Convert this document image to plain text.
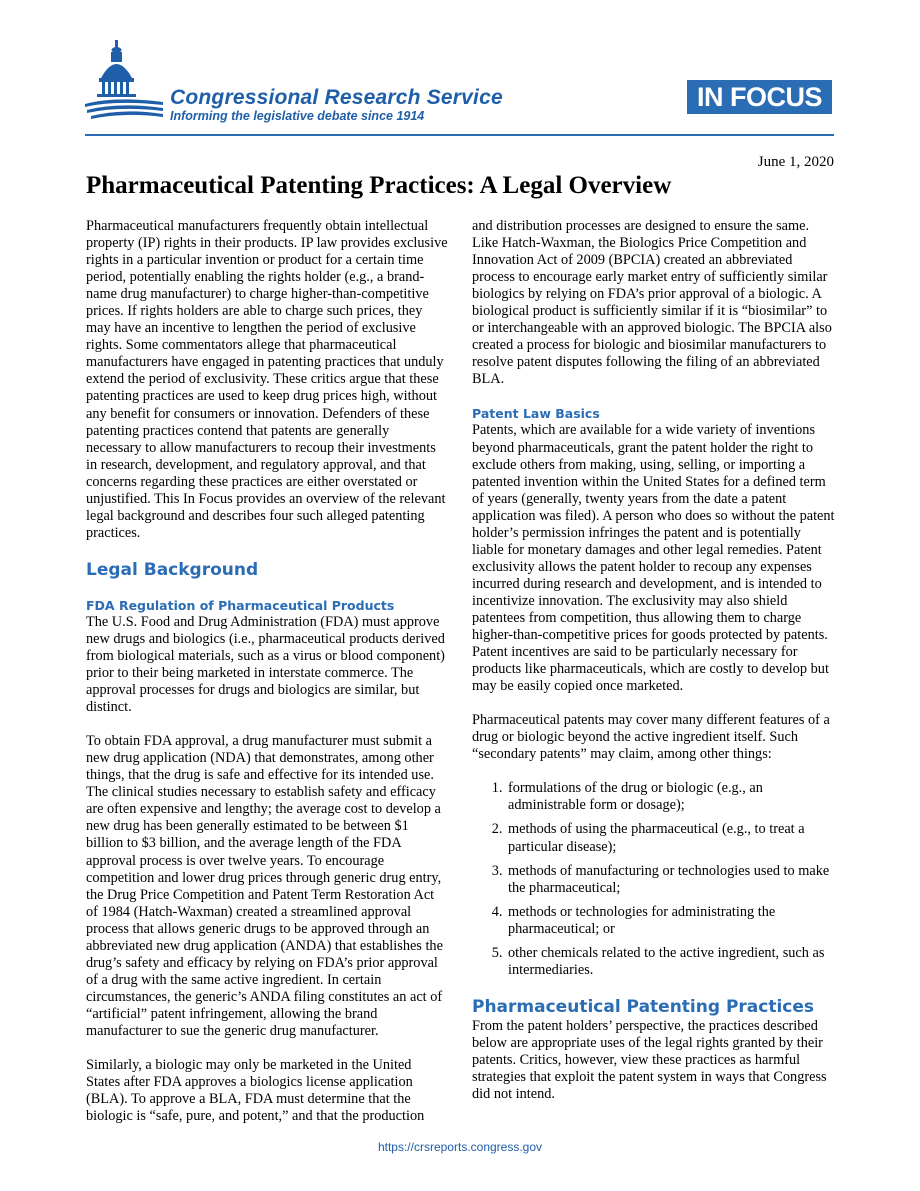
Congressional Research Service
Informing the legislative debate since 1914
IN FOCUS
June 1, 2020
Pharmaceutical Patenting Practices: A Legal Overview

Pharmaceutical manufacturers frequently obtain intellectual property (IP) rights in their products. IP law provides exclusive rights in a particular invention or product for a certain time period, potentially enabling the rights holder (e.g., a brand-name drug manufacturer) to charge higher-than-competitive prices. If rights holders are able to charge such prices, they may have an incentive to lengthen the period of exclusive rights. Some commentators allege that pharmaceutical manufacturers have engaged in patenting practices that unduly extend the period of exclusivity. These critics argue that these patenting practices are used to keep drug prices high, without any benefit for consumers or innovation. Defenders of these patenting practices contend that patents are generally necessary to allow manufacturers to recoup their investments in research, development, and regulatory approval, and that concerns regarding these practices are either overstated or unjustified. This In Focus provides an overview of the relevant legal background and describes four such alleged patenting practices.

Legal Background
FDA Regulation of Pharmaceutical Products

The U.S. Food and Drug Administration (FDA) must approve new drugs and biologics (i.e., pharmaceutical products derived from biological materials, such as a virus or blood component) prior to their being marketed in interstate commerce. The approval processes for drugs and biologics are similar, but distinct.

To obtain FDA approval, a drug manufacturer must submit a new drug application (NDA) that demonstrates, among other things, that the drug is safe and effective for its intended use. The clinical studies necessary to establish safety and efficacy are often expensive and lengthy; the average cost to develop a new drug has been generally estimated to be between $1 billion to $3 billion, and the average length of the FDA approval process is over twelve years. To encourage competition and lower drug prices through generic drug entry, the Drug Price Competition and Patent Term Restoration Act of 1984 (Hatch-Waxman) created a streamlined approval process that allows generic drugs to be approved through an abbreviated new drug application (ANDA) that establishes the drug’s safety and efficacy by relying on FDA’s prior approval of a drug with the same active ingredient. In certain circumstances, the generic’s ANDA filing constitutes an act of “artificial” patent infringement, allowing the brand manufacturer to sue the generic drug manufacturer.

Similarly, a biologic may only be marketed in the United States after FDA approves a biologics license application (BLA). To approve a BLA, FDA must determine that the biologic is “safe, pure, and potent,” and that the production

and distribution processes are designed to ensure the same. Like Hatch-Waxman, the Biologics Price Competition and Innovation Act of 2009 (BPCIA) created an abbreviated process to encourage early market entry of sufficiently similar biologics by relying on FDA’s prior approval of a biologic. A biological product is sufficiently similar if it is “biosimilar” to or interchangeable with an approved biologic. The BPCIA also created a process for biologic and biosimilar manufacturers to resolve patent disputes following the filing of an abbreviated BLA.

Patent Law Basics

Patents, which are available for a wide variety of inventions beyond pharmaceuticals, grant the patent holder the right to exclude others from making, using, selling, or importing a patented invention within the United States for a defined term of years (generally, twenty years from the date a patent application was filed). A person who does so without the patent holder’s permission infringes the patent and is potentially liable for monetary damages and other legal remedies. Patent exclusivity allows the patent holder to recoup any expenses incurred during research and development, and is intended to incentivize innovation. The exclusivity may also shield patentees from competition, thus allowing them to charge higher-than-competitive prices for goods protected by patents. Patent incentives are said to be particularly necessary for products like pharmaceuticals, which are costly to develop but may be easily copied once marketed.

Pharmaceutical patents may cover many different features of a drug or biologic beyond the active ingredient itself. Such “secondary patents” may claim, among other things:

1. formulations of the drug or biologic (e.g., an administrable form or dosage);
2. methods of using the pharmaceutical (e.g., to treat a particular disease);
3. methods of manufacturing or technologies used to make the pharmaceutical;
4. methods or technologies for administrating the pharmaceutical; or
5. other chemicals related to the active ingredient, such as intermediaries.
Pharmaceutical Patenting Practices

From the patent holders’ perspective, the practices described below are appropriate uses of the legal rights granted by their patents. Critics, however, view these practices as harmful strategies that exploit the patent system in ways that Congress did not intend.

https://crsreports.congress.gov
